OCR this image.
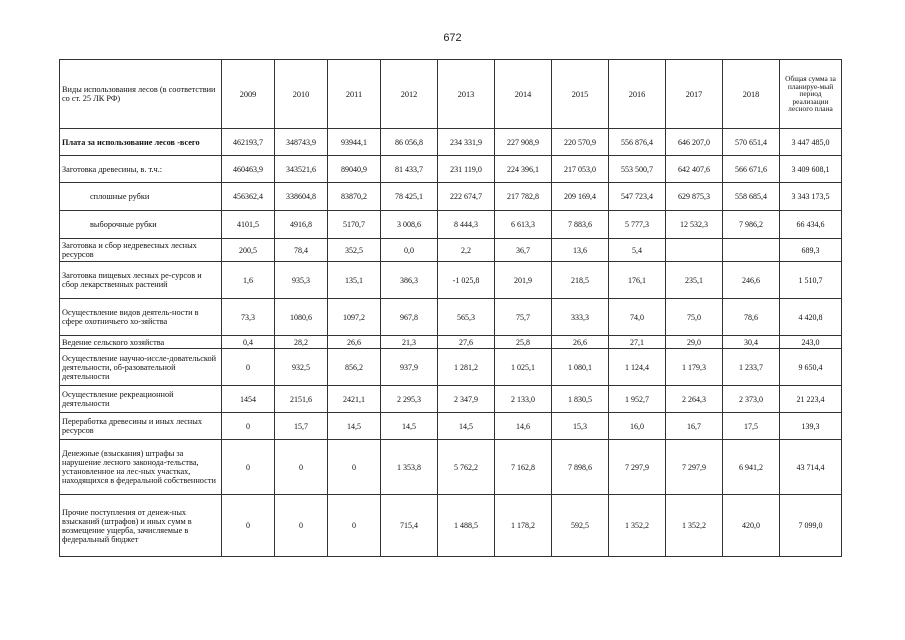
672
Виды использования лесов (в соответствии со ст. 25 ЛК РФ)	2009	2010	2011	2012	2013	2014	2015	2016	2017	2018	Общая сумма за планируе-мый период реализации лесного плана
Плата за использование лесов -всего	462193,7	348743,9	93944,1	86 056,8	234 331,9	227 908,9	220 570,9	556 876,4	646 207,0	570 651,4	3 447 485,0
Заготовка древесины, в. т.ч.:	460463,9	343521,6	89040,9	81 433,7	231 119,0	224 396,1	217 053,0	553 500,7	642 407,6	566 671,6	3 409 608,1
сплошные рубки	456362,4	338604,8	83870,2	78 425,1	222 674,7	217 782,8	209 169,4	547 723,4	629 875,3	558 685,4	3 343 173,5
выборочные рубки	4101,5	4916,8	5170,7	3 008,6	8 444,3	6 613,3	7 883,6	5 777,3	12 532,3	7 986,2	66 434,6
Заготовка и сбор недревесных лесных ресурсов	200,5	78,4	352,5	0,0	2,2	36,7	13,6	5,4			689,3
Заготовка пищевых лесных ре-сурсов и сбор лекарственных растений	1,6	935,3	135,1	386,3	-1 025,8	201,9	218,5	176,1	235,1	246,6	1 510,7
Осуществление видов деятель-ности в сфере охотничьего хо-зяйства	73,3	1080,6	1097,2	967,8	565,3	75,7	333,3	74,0	75,0	78,6	4 420,8
Ведение сельского хозяйства	0,4	28,2	26,6	21,3	27,6	25,8	26,6	27,1	29,0	30,4	243,0
Осуществление научно-иссле-довательской деятельности, об-разовательной деятельности	0	932,5	856,2	937,9	1 281,2	1 025,1	1 080,1	1 124,4	1 179,3	1 233,7	9 650,4
Осуществление рекреационной деятельности	1454	2151,6	2421,1	2 295,3	2 347,9	2 133,0	1 830,5	1 952,7	2 264,3	2 373,0	21 223,4
Переработка древесины и иных лесных ресурсов	0	15,7	14,5	14,5	14,5	14,6	15,3	16,0	16,7	17,5	139,3
Денежные (взыскания) штрафы за нарушение лесного законода-тельства, установленное на лес-ных участках, находящихся в федеральной собственности	0	0	0	1 353,8	5 762,2	7 162,8	7 898,6	7 297,9	7 297,9	6 941,2	43 714,4
Прочие поступления от денеж-ных взысканий (штрафов) и иных сумм в возмещение ущерба, зачисляемые в федеральный бюджет	0	0	0	715,4	1 488,5	1 178,2	592,5	1 352,2	1 352,2	420,0	7 099,0
